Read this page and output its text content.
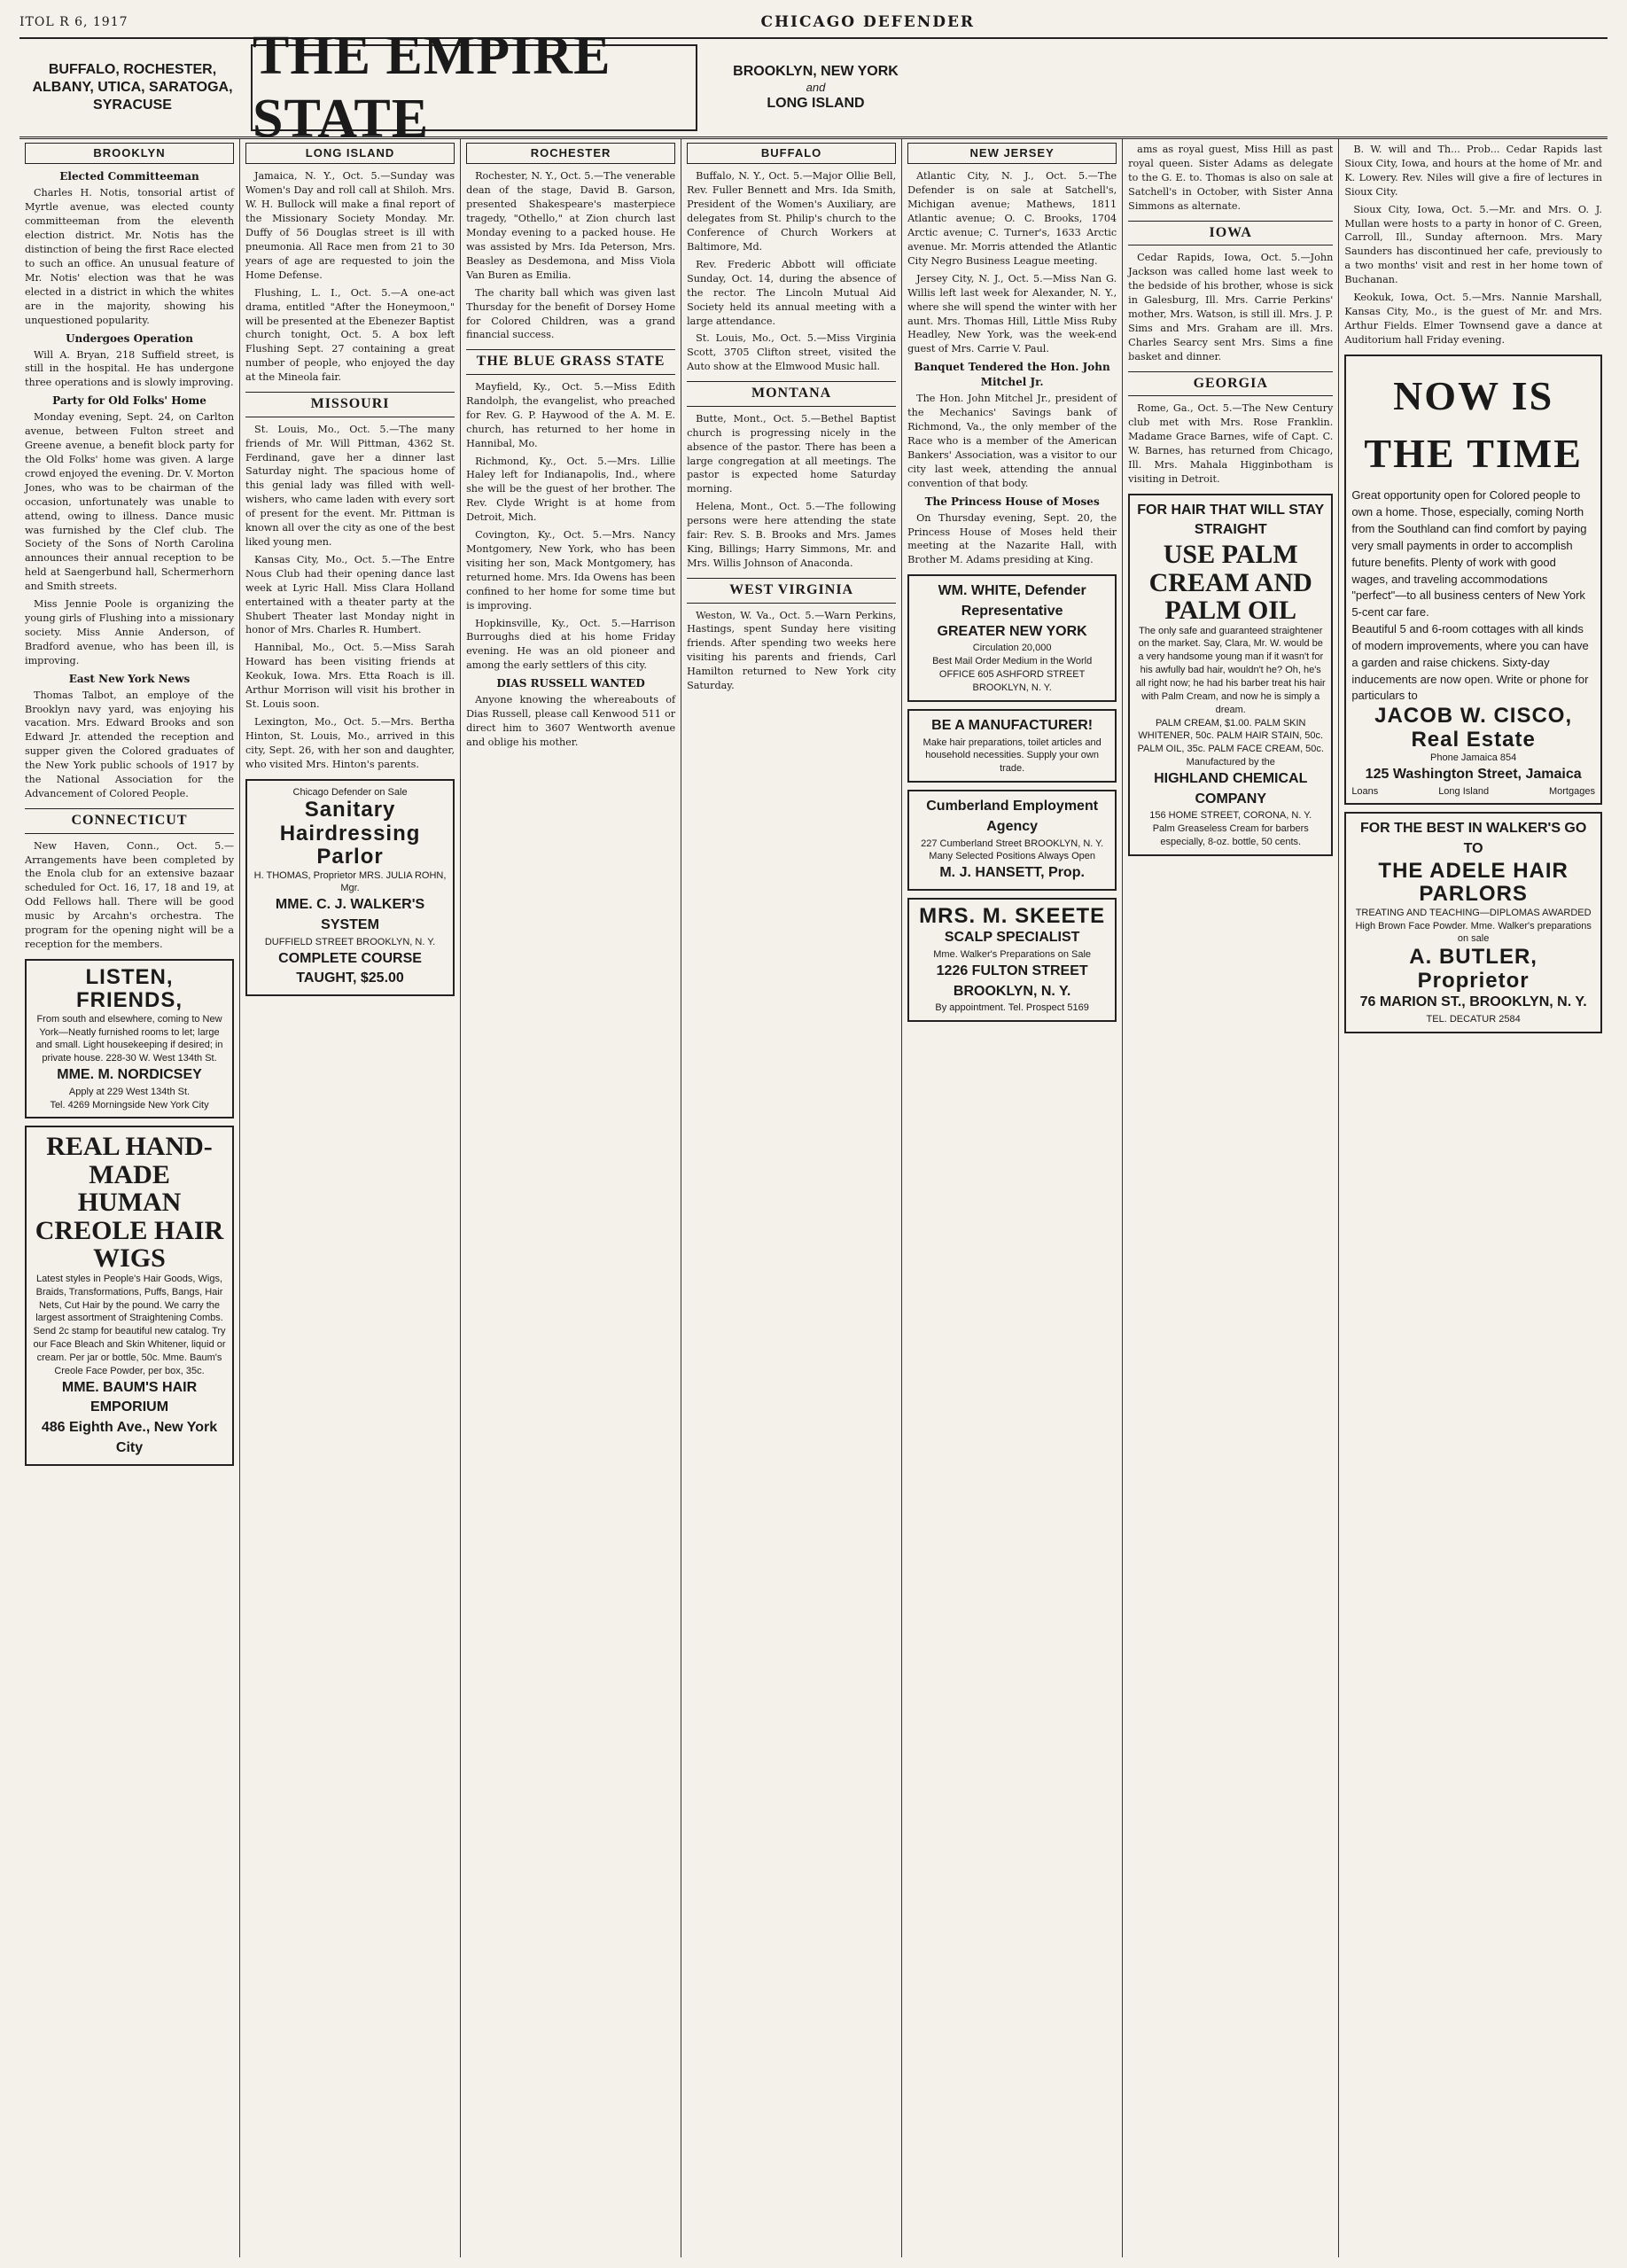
ITOL R 6, 1917	CHICAGO DEFENDER
BUFFALO, ROCHESTER, ALBANY, UTICA, SARATOGA, SYRACUSE
THE EMPIRE STATE
BROOKLYN, NEW YORK
and
LONG ISLAND
BROOKLYN
Elected Committeeman

Charles H. Notis, tonsorial artist of Myrtle avenue, was elected county committeeman from the eleventh election district. Mr. Notis has the distinction of being the first Race elected to such an office. An unusual feature of Mr. Notis' election was that he was elected in a district in which the whites are in the majority, showing his unquestioned popularity.

Undergoes Operation

Will A. Bryan, 218 Suffield street, is still in the hospital. He has undergone three operations and is slowly improving.

Party for Old Folks' Home

Monday evening, Sept. 24, on Carlton avenue, between Fulton street and Greene avenue, a benefit block party for the Old Folks' home was given. A large crowd enjoyed the evening. Dr. V. Morton Jones, who was to be chairman of the occasion, unfortunately was unable to attend, owing to illness. Dance music was furnished by the Clef club. The Society of the Sons of North Carolina announces their annual reception to be held at Saengerbund hall, Schermerhorn and Smith streets.

Miss Jennie Poole is organizing the young girls of Flushing into a missionary society. Miss Annie Anderson, of Bradford avenue, who has been ill, is improving.

East New York News

Thomas Talbot, an employe of the Brooklyn navy yard, was enjoying his vacation. Mrs. Edward Brooks and son Edward Jr. attended the reception and supper given the Colored graduates of the New York public schools of 1917 by the National Association for the Advancement of Colored People.

CONNECTICUT

New Haven, Conn., Oct. 5.—Arrangements have been completed by the Enola club for an extensive bazaar scheduled for Oct. 16, 17, 18 and 19, at Odd Fellows hall. There will be good music by Arcahn's orchestra. The program for the opening night will be a reception for the members.

LISTEN, FRIENDS,
From south and elsewhere, coming to New York—Neatly furnished rooms to let; large and small. Light housekeeping if desired; in private house. 228-30 W. West 134th St.
MME. M. NORDICSEY
Apply at 229 West 134th St.
Tel. 4269 Morningside New York City
REAL HAND-MADE
HUMAN CREOLE HAIR WIGS
Latest styles in People's Hair Goods, Wigs, Braids, Transformations, Puffs, Bangs, Hair Nets, Cut Hair by the pound. We carry the largest assortment of Straightening Combs. Send 2c stamp for beautiful new catalog. Try our Face Bleach and Skin Whitener, liquid or cream. Per jar or bottle, 50c. Mme. Baum's Creole Face Powder, per box, 35c.
MME. BAUM'S HAIR EMPORIUM
486 Eighth Ave., New York City
LONG ISLAND

Jamaica, N. Y., Oct. 5.—Sunday was Women's Day and roll call at Shiloh. Mrs. W. H. Bullock will make a final report of the Missionary Society Monday. Mr. Duffy of 56 Douglas street is ill with pneumonia. All Race men from 21 to 30 years of age are requested to join the Home Defense.

Flushing, L. I., Oct. 5.—A one-act drama, entitled "After the Honeymoon," will be presented at the Ebenezer Baptist church tonight, Oct. 5. A box left Flushing Sept. 27 containing a great number of people, who enjoyed the day at the Mineola fair.

MISSOURI

St. Louis, Mo., Oct. 5.—The many friends of Mr. Will Pittman, 4362 St. Ferdinand, gave her a dinner last Saturday night. The spacious home of this genial lady was filled with well-wishers, who came laden with every sort of present for the event. Mr. Pittman is known all over the city as one of the best liked young men.

Kansas City, Mo., Oct. 5.—The Entre Nous Club had their opening dance last week at Lyric Hall. Miss Clara Holland entertained with a theater party at the Shubert Theater last Monday night in honor of Mrs. Charles R. Humbert.

Hannibal, Mo., Oct. 5.—Miss Sarah Howard has been visiting friends at Keokuk, Iowa. Mrs. Etta Roach is ill. Arthur Morrison will visit his brother in St. Louis soon.

Lexington, Mo., Oct. 5.—Mrs. Bertha Hinton, St. Louis, Mo., arrived in this city, Sept. 26, with her son and daughter, who visited Mrs. Hinton's parents.

Chicago Defender on Sale
Sanitary Hairdressing Parlor
H. THOMAS, Proprietor MRS. JULIA ROHN, Mgr.
MME. C. J. WALKER'S SYSTEM
DUFFIELD STREET BROOKLYN, N. Y.
COMPLETE COURSE TAUGHT, $25.00
ROCHESTER

Rochester, N. Y., Oct. 5.—The venerable dean of the stage, David B. Garson, presented Shakespeare's masterpiece tragedy, "Othello," at Zion church last Monday evening to a packed house. He was assisted by Mrs. Ida Peterson, Mrs. Beasley as Desdemona, and Miss Viola Van Buren as Emilia.

The charity ball which was given last Thursday for the benefit of Dorsey Home for Colored Children, was a grand financial success.

THE BLUE GRASS STATE

Mayfield, Ky., Oct. 5.—Miss Edith Randolph, the evangelist, who preached for Rev. G. P. Haywood of the A. M. E. church, has returned to her home in Hannibal, Mo.

Richmond, Ky., Oct. 5.—Mrs. Lillie Haley left for Indianapolis, Ind., where she will be the guest of her brother. The Rev. Clyde Wright is at home from Detroit, Mich.

Covington, Ky., Oct. 5.—Mrs. Nancy Montgomery, New York, who has been visiting her son, Mack Montgomery, has returned home. Mrs. Ida Owens has been confined to her home for some time but is improving.

Hopkinsville, Ky., Oct. 5.—Harrison Burroughs died at his home Friday evening. He was an old pioneer and among the early settlers of this city.

DIAS RUSSELL WANTED

Anyone knowing the whereabouts of Dias Russell, please call Kenwood 511 or direct him to 3607 Wentworth avenue and oblige his mother.

BUFFALO

Buffalo, N. Y., Oct. 5.—Major Ollie Bell, Rev. Fuller Bennett and Mrs. Ida Smith, President of the Women's Auxiliary, are delegates from St. Philip's church to the Conference of Church Workers at Baltimore, Md.

Rev. Frederic Abbott will officiate Sunday, Oct. 14, during the absence of the rector. The Lincoln Mutual Aid Society held its annual meeting with a large attendance.

St. Louis, Mo., Oct. 5.—Miss Virginia Scott, 3705 Clifton street, visited the Auto show at the Elmwood Music hall.

MONTANA

Butte, Mont., Oct. 5.—Bethel Baptist church is progressing nicely in the absence of the pastor. There has been a large congregation at all meetings. The pastor is expected home Saturday morning.

Helena, Mont., Oct. 5.—The following persons were here attending the state fair: Rev. S. B. Brooks and Mrs. James King, Billings; Harry Simmons, Mr. and Mrs. Willis Johnson of Anaconda.

WEST VIRGINIA

Weston, W. Va., Oct. 5.—Warn Perkins, Hastings, spent Sunday here visiting friends. After spending two weeks here visiting his parents and friends, Carl Hamilton returned to New York city Saturday.

NEW JERSEY

Atlantic City, N. J., Oct. 5.—The Defender is on sale at Satchell's, Michigan avenue; Mathews, 1811 Atlantic avenue; O. C. Brooks, 1704 Arctic avenue; C. Turner's, 1633 Arctic avenue. Mr. Morris attended the Atlantic City Negro Business League meeting.

Jersey City, N. J., Oct. 5.—Miss Nan G. Willis left last week for Alexander, N. Y., where she will spend the winter with her aunt. Mrs. Thomas Hill, Little Miss Ruby Headley, New York, was the week-end guest of Mrs. Carrie V. Paul.

Banquet Tendered the Hon. John Mitchel Jr.

The Hon. John Mitchel Jr., president of the Mechanics' Savings bank of Richmond, Va., the only member of the Race who is a member of the American Bankers' Association, was a visitor to our city last week, attending the annual convention of that body.

The Princess House of Moses

On Thursday evening, Sept. 20, the Princess House of Moses held their meeting at the Nazarite Hall, with Brother M. Adams presiding at King.

WM. WHITE, Defender Representative
GREATER NEW YORK
Circulation 20,000
Best Mail Order Medium in the World
OFFICE 605 ASHFORD STREET BROOKLYN, N. Y.
BE A MANUFACTURER!
Make hair preparations, toilet articles and household necessities. Supply your own trade.
Cumberland Employment Agency
227 Cumberland Street BROOKLYN, N. Y.
Many Selected Positions Always Open
M. J. HANSETT, Prop.
MRS. M. SKEETE
SCALP SPECIALIST
Mme. Walker's Preparations on Sale
1226 FULTON STREET
BROOKLYN, N. Y.
By appointment. Tel. Prospect 5169

ams as royal guest, Miss Hill as past royal queen. Sister Adams as delegate to the G. E. to. Thomas is also on sale at Satchell's in October, with Sister Anna Simmons as alternate.

IOWA

Cedar Rapids, Iowa, Oct. 5.—John Jackson was called home last week to the bedside of his brother, whose is sick in Galesburg, Ill. Mrs. Carrie Perkins' mother, Mrs. Watson, is still ill. Mrs. J. P. Sims and Mrs. Graham are ill. Mrs. Charles Searcy sent Mrs. Sims a fine basket and dinner.

GEORGIA

Rome, Ga., Oct. 5.—The New Century club met with Mrs. Rose Franklin. Madame Grace Barnes, wife of Capt. C. W. Barnes, has returned from Chicago, Ill. Mrs. Mahala Higginbotham is visiting in Detroit.

FOR HAIR THAT WILL STAY STRAIGHT
USE PALM CREAM AND PALM OIL
The only safe and guaranteed straightener on the market. Say, Clara, Mr. W. would be a very handsome young man if it wasn't for his awfully bad hair, wouldn't he? Oh, he's all right now; he had his barber treat his hair with Palm Cream, and now he is simply a dream.
PALM CREAM, $1.00. PALM SKIN WHITENER, 50c. PALM HAIR STAIN, 50c. PALM OIL, 35c. PALM FACE CREAM, 50c.
Manufactured by the
HIGHLAND CHEMICAL COMPANY
156 HOME STREET, CORONA, N. Y.
Palm Greaseless Cream for barbers especially, 8-oz. bottle, 50 cents.

B. W. will and Th... Prob... Cedar Rapids last Sioux City, Iowa, and hours at the home of Mr. and K. Lowery. Rev. Niles will give a fire of lectures in Sioux City.

Sioux City, Iowa, Oct. 5.—Mr. and Mrs. O. J. Mullan were hosts to a party in honor of C. Green, Carroll, Ill., Sunday afternoon. Mrs. Mary Saunders has discontinued her cafe, previously to a two months' visit and rest in her home town of Buchanan.

Keokuk, Iowa, Oct. 5.—Mrs. Nannie Marshall, Kansas City, Mo., is the guest of Mr. and Mrs. Arthur Fields. Elmer Townsend gave a dance at Auditorium hall Friday evening.

NOW IS THE TIME
Great opportunity open for Colored people to own a home. Those, especially, coming North from the Southland can find comfort by paying very small payments in order to accomplish future benefits. Plenty of work with good wages, and traveling accommodations "perfect"—to all business centers of New York 5-cent car fare.
Beautiful 5 and 6-room cottages with all kinds of modern improvements, where you can have a garden and raise chickens. Sixty-day inducements are now open. Write or phone for particulars to
JACOB W. CISCO, Real Estate
Phone Jamaica 854
125 Washington Street, Jamaica
Loans	Long Island	Mortgages
FOR THE BEST IN WALKER'S GO TO
THE ADELE HAIR PARLORS
TREATING AND TEACHING—DIPLOMAS AWARDED
High Brown Face Powder. Mme. Walker's preparations on sale
A. BUTLER, Proprietor
76 MARION ST., BROOKLYN, N. Y.
TEL. DECATUR 2584
